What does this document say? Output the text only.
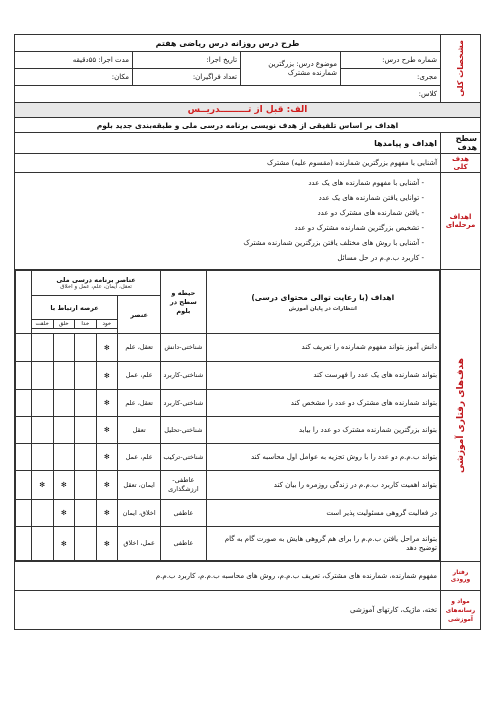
مشخصات کلی
	طرح درس روزانه درس ریاضی هفتم
شماره طرح درس:	موضوع درس: بزرگترین شمارنده مشترک	تاریخ اجرا:	مدت اجرا: ۵۵دقیقه
مجری:	تعداد فراگیران:	مکان:
کلاس:
الف: قبل از تـــــــــدریــس
اهداف بر اساس تلفیقی از هدف نویسی برنامه درسی ملی و طبقه‌بندی جدید بلوم
سطح هدف	اهداف و پیامدها
هدف کلی	آشنایی با مفهوم بزرگترین شمارنده (مقسوم علیه) مشترک
اهداف مرحله‌ای	
- آشنایی با مفهوم شمارنده های یک عدد
- توانایی یافتن شمارنده های یک عدد
- یافتن شمارنده های مشترک دو عدد
- تشخیص بزرگترین شمارنده مشترک دو عدد
- آشنایی با روش های مختلف یافتن بزرگترین شمارنده مشترک
- کاربرد ب.م.م در حل مسائل

هدف‌های رفتاری آموزشی

اهداف (با رعایت توالی محتوای درسی)
انتظارات در پایان آموزش
	حیطه و سطح در بلوم	
عناصر برنامه درسی ملی
تعقل، ایمان، علم، عمل و اخلاق

عنصر	عرصه ارتباط با
خود	خدا	خلق	خلقت

دانش آموز بتواند مفهوم شمارنده را تعریف کند	شناختی-دانش	تعقل، علم	✻				
بتواند شمارنده های یک عدد را فهرست کند	شناختی-کاربرد	علم، عمل	✻				
بتواند شمارنده های مشترک دو عدد را مشخص کند	شناختی-کاربرد	تعقل، علم	✻				
بتواند بزرگترین شمارنده مشترک دو عدد را بیابد	شناختی-تحلیل	تعقل	✻				
بتواند ب.م.م دو عدد را با روش تجزیه به عوامل اول محاسبه کند	شناختی-ترکیب	علم، عمل	✻				
بتواند اهمیت کاربرد ب.م.م در زندگی روزمره را بیان کند	عاطفی-ارزشگذاری	ایمان، تعقل	✻		✻	✻	
در فعالیت گروهی مسئولیت پذیر است	عاطفی	اخلاق، ایمان	✻		✻		
بتواند مراحل یافتن ب.م.م را برای هم گروهی هایش به صورت گام به گام توضیح دهد	عاطفی	عمل، اخلاق	✻		✻		

رفتار ورودی	مفهوم شمارنده، شمارنده های مشترک، تعریف ب.م.م، روش های محاسبه ب.م.م، کاربرد ب.م.م
مواد و رسانه‌های آموزشی	تخته، ماژیک، کارتهای آموزشی
